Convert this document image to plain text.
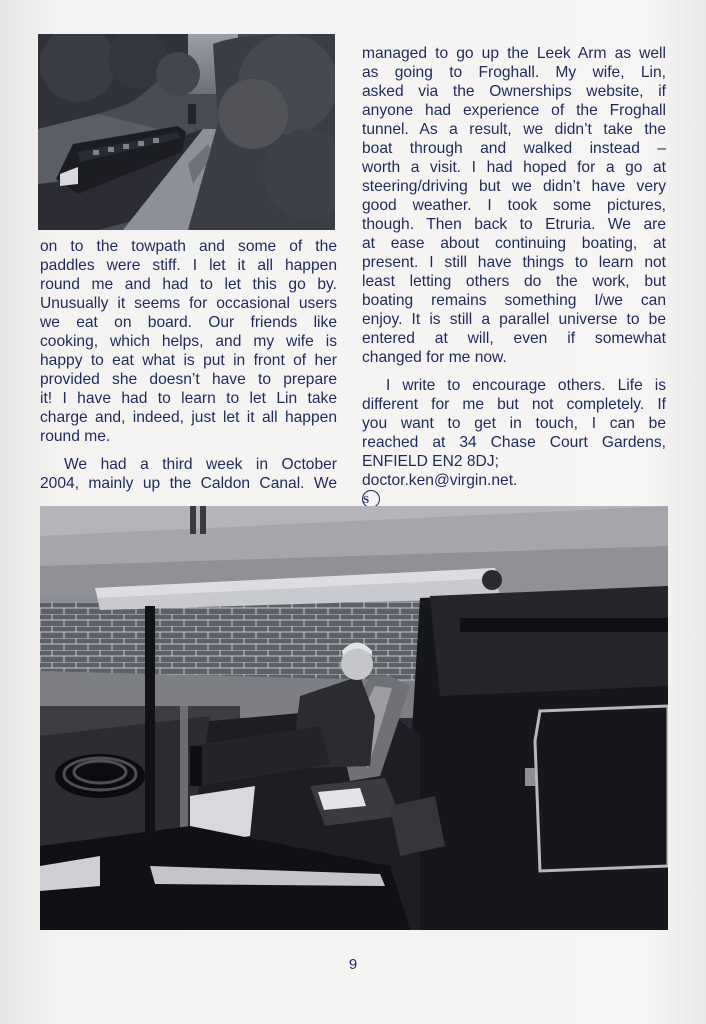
on to the towpath and some of the
paddles were stiff. I let it all happen
round me and had to let this go by.
Unusually it seems for occasional users
we eat on board. Our friends like
cooking, which helps, and my wife is
happy to eat what is put in front of her
provided she doesn’t have to prepare
it! I have had to learn to let Lin take
charge and, indeed, just let it all happen
round me.

We had a third week in October
2004, mainly up the Caldon Canal. We

managed to go up the Leek Arm as well
as going to Froghall. My wife, Lin,
asked via the Ownerships website, if
anyone had experience of the Froghall
tunnel. As a result, we didn’t take the
boat through and walked instead –
worth a visit. I had hoped for a go at
steering/driving but we didn’t have very
good weather. I took some pictures,
though. Then back to Etruria. We are
at ease about continuing boating, at
present. I still have things to learn not
least letting others do the work, but
boating remains something I/we can
enjoy. It is still a parallel universe to be
entered at will, even if somewhat
changed for me now.

I write to encourage others. Life is
different for me but not completely. If
you want to get in touch, I can be
reached at 34 Chase Court Gardens,
ENFIELD EN2 8DJ;
doctor.ken@virgin.net.
S

9
